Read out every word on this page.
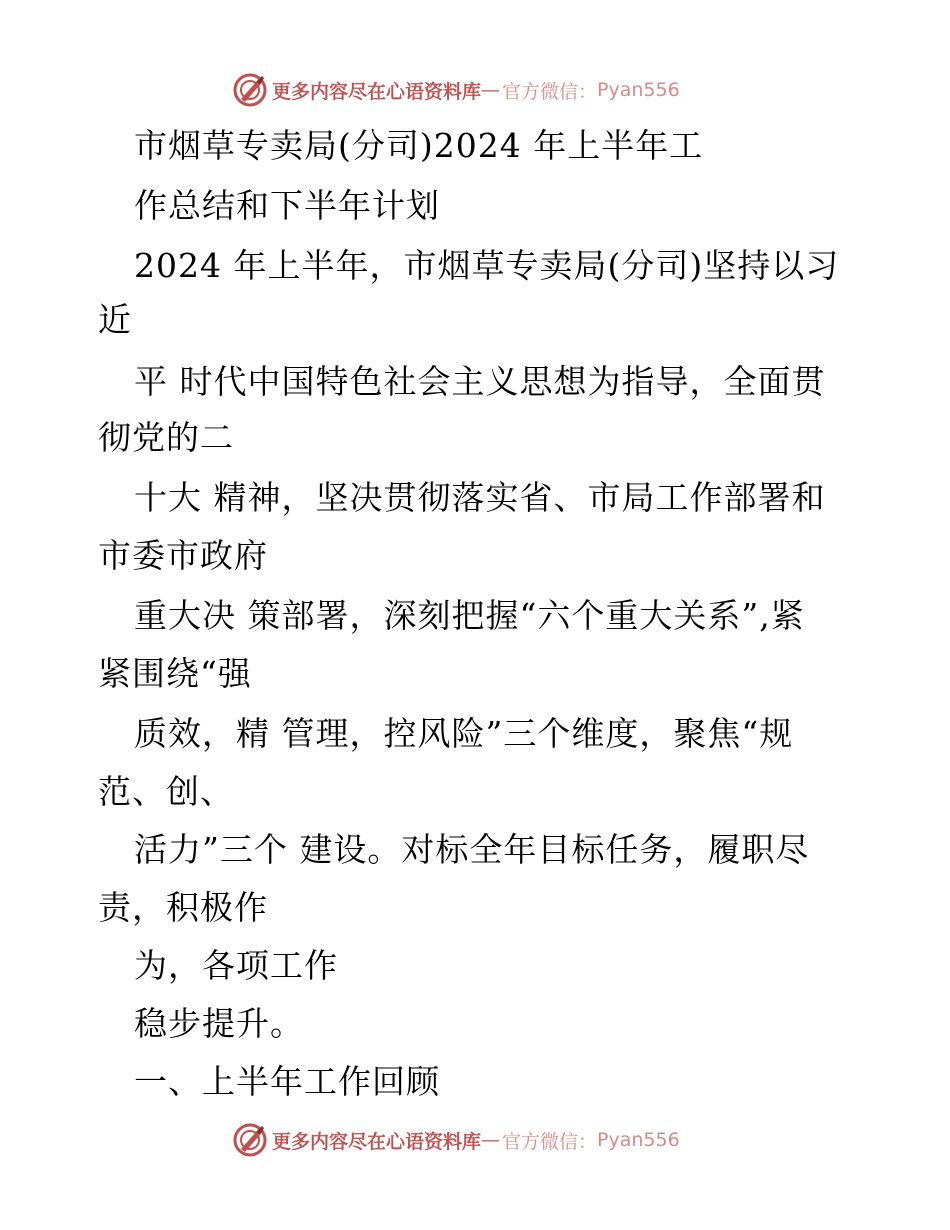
更多内容尽在心语资料库 — 官方微信： Pyan556

市烟草专卖局(分司)2024 年上半年工

作总结和下半年计划

2024 年上半年，市烟草专卖局(分司)坚持以习

近

平 时代中国特色社会主义思想为指导，全面贯

彻党的二

十大 精神，坚决贯彻落实省、市局工作部署和

市委市政府

重大决 策部署，深刻把握“六个重大关系”,紧

紧围绕“强

质效，精 管理，控风险”三个维度，聚焦“规

范、创、

活力”三个 建设。对标全年目标任务，履职尽

责，积极作

为，各项工作

稳步提升。

一、上半年工作回顾

更多内容尽在心语资料库 — 官方微信： Pyan556
